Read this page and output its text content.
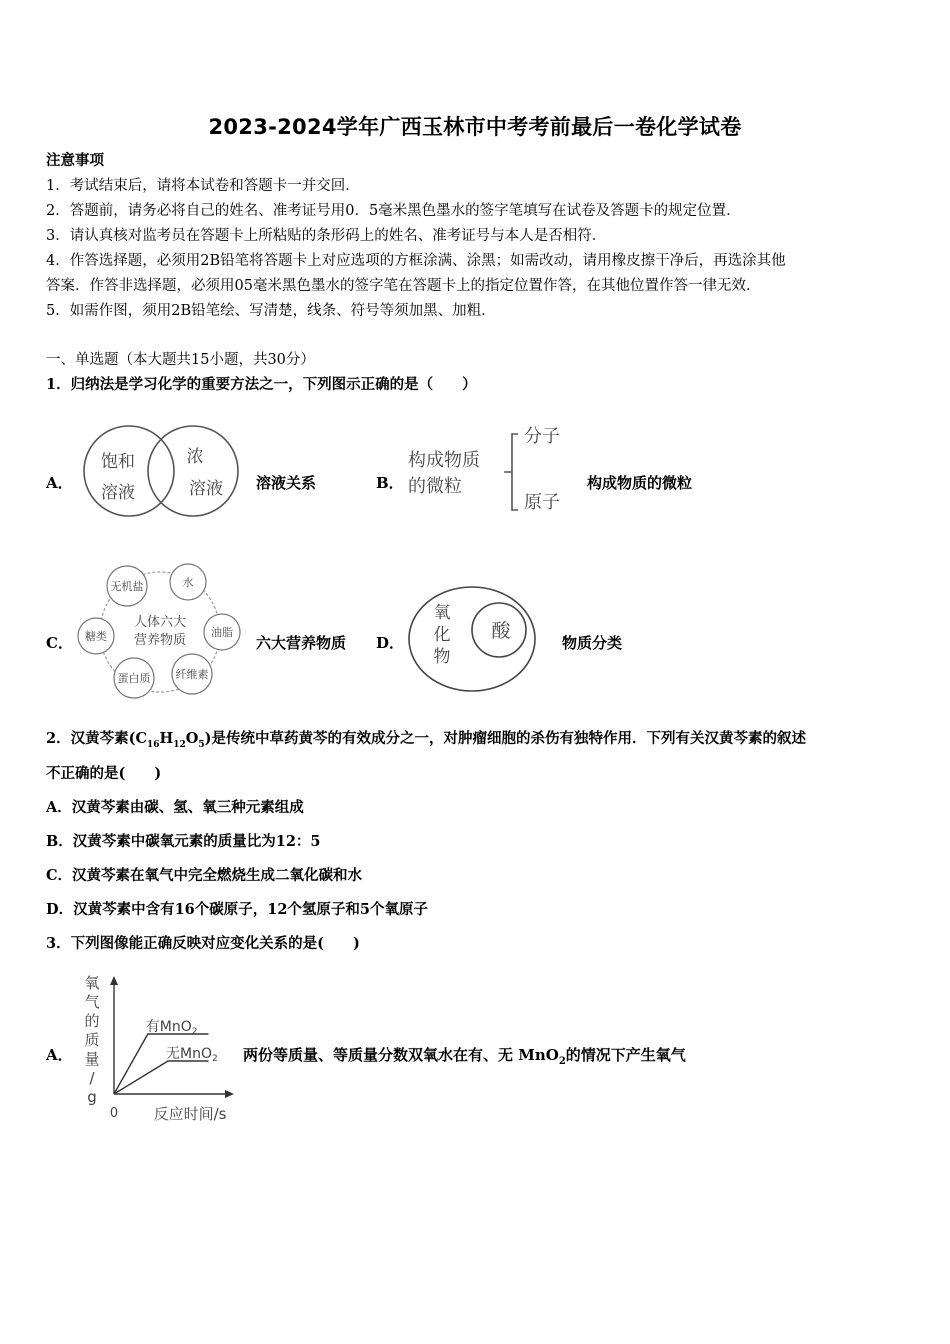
2023-2024学年广西玉林市中考考前最后一卷化学试卷
注意事项
1．考试结束后，请将本试卷和答题卡一并交回．
2．答题前，请务必将自己的姓名、准考证号用0．5毫米黑色墨水的签字笔填写在试卷及答题卡的规定位置．
3．请认真核对监考员在答题卡上所粘贴的条形码上的姓名、准考证号与本人是否相符．
4．作答选择题，必须用2B铅笔将答题卡上对应选项的方框涂满、涂黑；如需改动，请用橡皮擦干净后，再选涂其他
答案．作答非选择题，必须用05毫米黑色墨水的签字笔在答题卡上的指定位置作答，在其他位置作答一律无效．
5．如需作图，须用2B铅笔绘、写清楚，线条、符号等须加黑、加粗．
一、单选题（本大题共15小题，共30分）
1．归纳法是学习化学的重要方法之一，下列图示正确的是（　　）
A．
饱和
溶液
浓
溶液 溶液关系	B．
构成物质
的微粒
分子
原子
构成物质的微粒
C．
人体六大
营养物质
无机盐	水
油脂
纤维素
蛋白质
糖类	六大营养物质 D．
氧
化
物
酸
物质分类
2．汉黄芩素$(C_{16}H_{12}O_5)$是传统中草药黄芩的有效成分之一，对肿瘤细胞的杀伤有独特作用．下列有关汉黄芩素的叙述
不正确的是(　　)
A．汉黄芩素由碳、氢、氧三种元素组成
B．汉黄芩素中碳氧元素的质量比为12：5
C．汉黄芩素在氧气中完全燃烧生成二氧化碳和水
D．汉黄芩素中含有16个碳原子，12个氢原子和5个氧原子
3．下列图像能正确反映对应变化关系的是(　　)
A．
氧
气
的
质
量
/
g
0 反应时间/s
有MnO$_2$
无MnO$_2$ 两份等质量、等质量分数双氧水在有、无 MnO$_2$的情况下产生氧气
